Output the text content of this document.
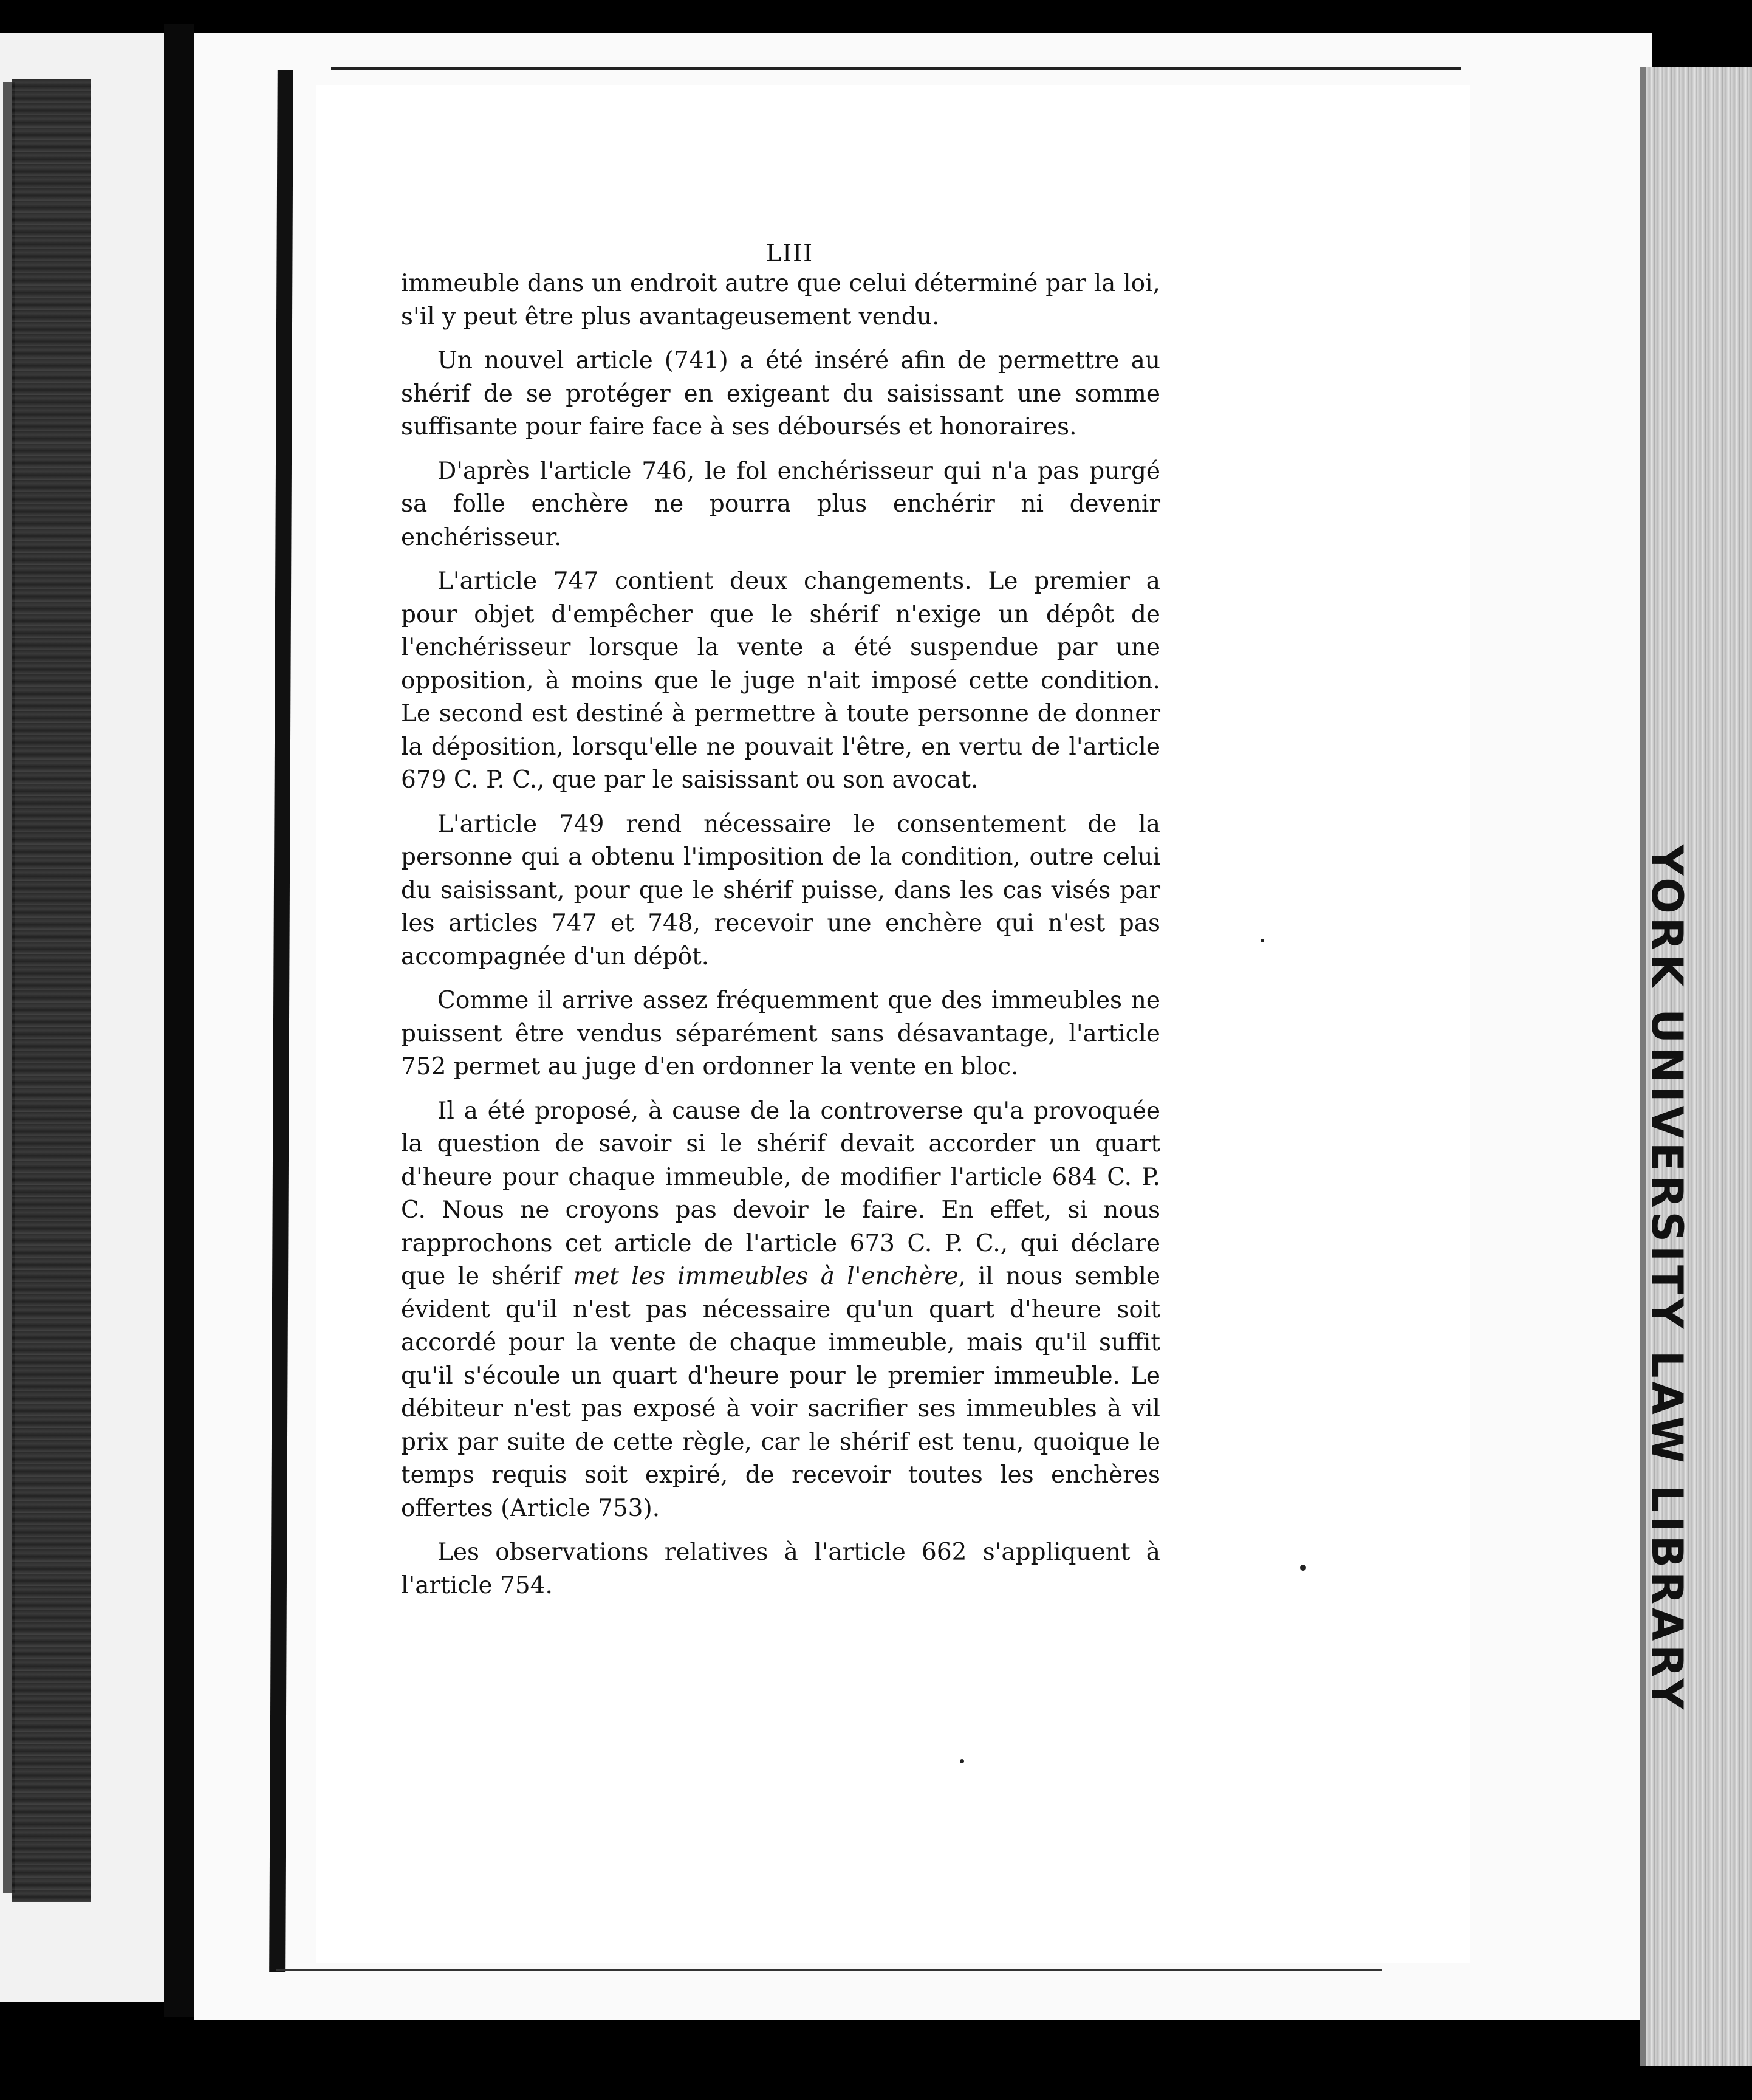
YORK UNIVERSITY LAW LIBRARY
LIII

immeuble dans un endroit autre que celui déterminé par la loi, s'il y peut être plus avantageusement vendu.

Un nouvel article (741) a été inséré afin de permettre au shérif de se protéger en exigeant du saisissant une somme suffisante pour faire face à ses déboursés et honoraires.

D'après l'article 746, le fol enchérisseur qui n'a pas purgé sa folle enchère ne pourra plus enchérir ni devenir enchérisseur.

L'article 747 contient deux changements. Le premier a pour objet d'empêcher que le shérif n'exige un dépôt de l'enchérisseur lorsque la vente a été suspendue par une opposition, à moins que le juge n'ait imposé cette condition. Le second est destiné à permettre à toute personne de donner la déposition, lorsqu'elle ne pouvait l'être, en vertu de l'article 679 C. P. C., que par le saisissant ou son avocat.

L'article 749 rend nécessaire le consentement de la personne qui a obtenu l'imposition de la condition, outre celui du saisissant, pour que le shérif puisse, dans les cas visés par les articles 747 et 748, recevoir une enchère qui n'est pas accompagnée d'un dépôt.

Comme il arrive assez fréquemment que des immeubles ne puissent être vendus séparément sans désavantage, l'article 752 permet au juge d'en ordonner la vente en bloc.

Il a été proposé, à cause de la controverse qu'a provoquée la question de savoir si le shérif devait accorder un quart d'heure pour chaque immeuble, de modifier l'article 684 C. P. C. Nous ne croyons pas devoir le faire. En effet, si nous rapprochons cet article de l'article 673 C. P. C., qui déclare que le shérif met les immeubles à l'enchère, il nous semble évident qu'il n'est pas nécessaire qu'un quart d'heure soit accordé pour la vente de chaque immeuble, mais qu'il suffit qu'il s'écoule un quart d'heure pour le premier immeuble. Le débiteur n'est pas exposé à voir sacrifier ses immeubles à vil prix par suite de cette règle, car le shérif est tenu, quoique le temps requis soit expiré, de recevoir toutes les enchères offertes (Article 753).

Les observations relatives à l'article 662 s'appliquent à l'article 754.
